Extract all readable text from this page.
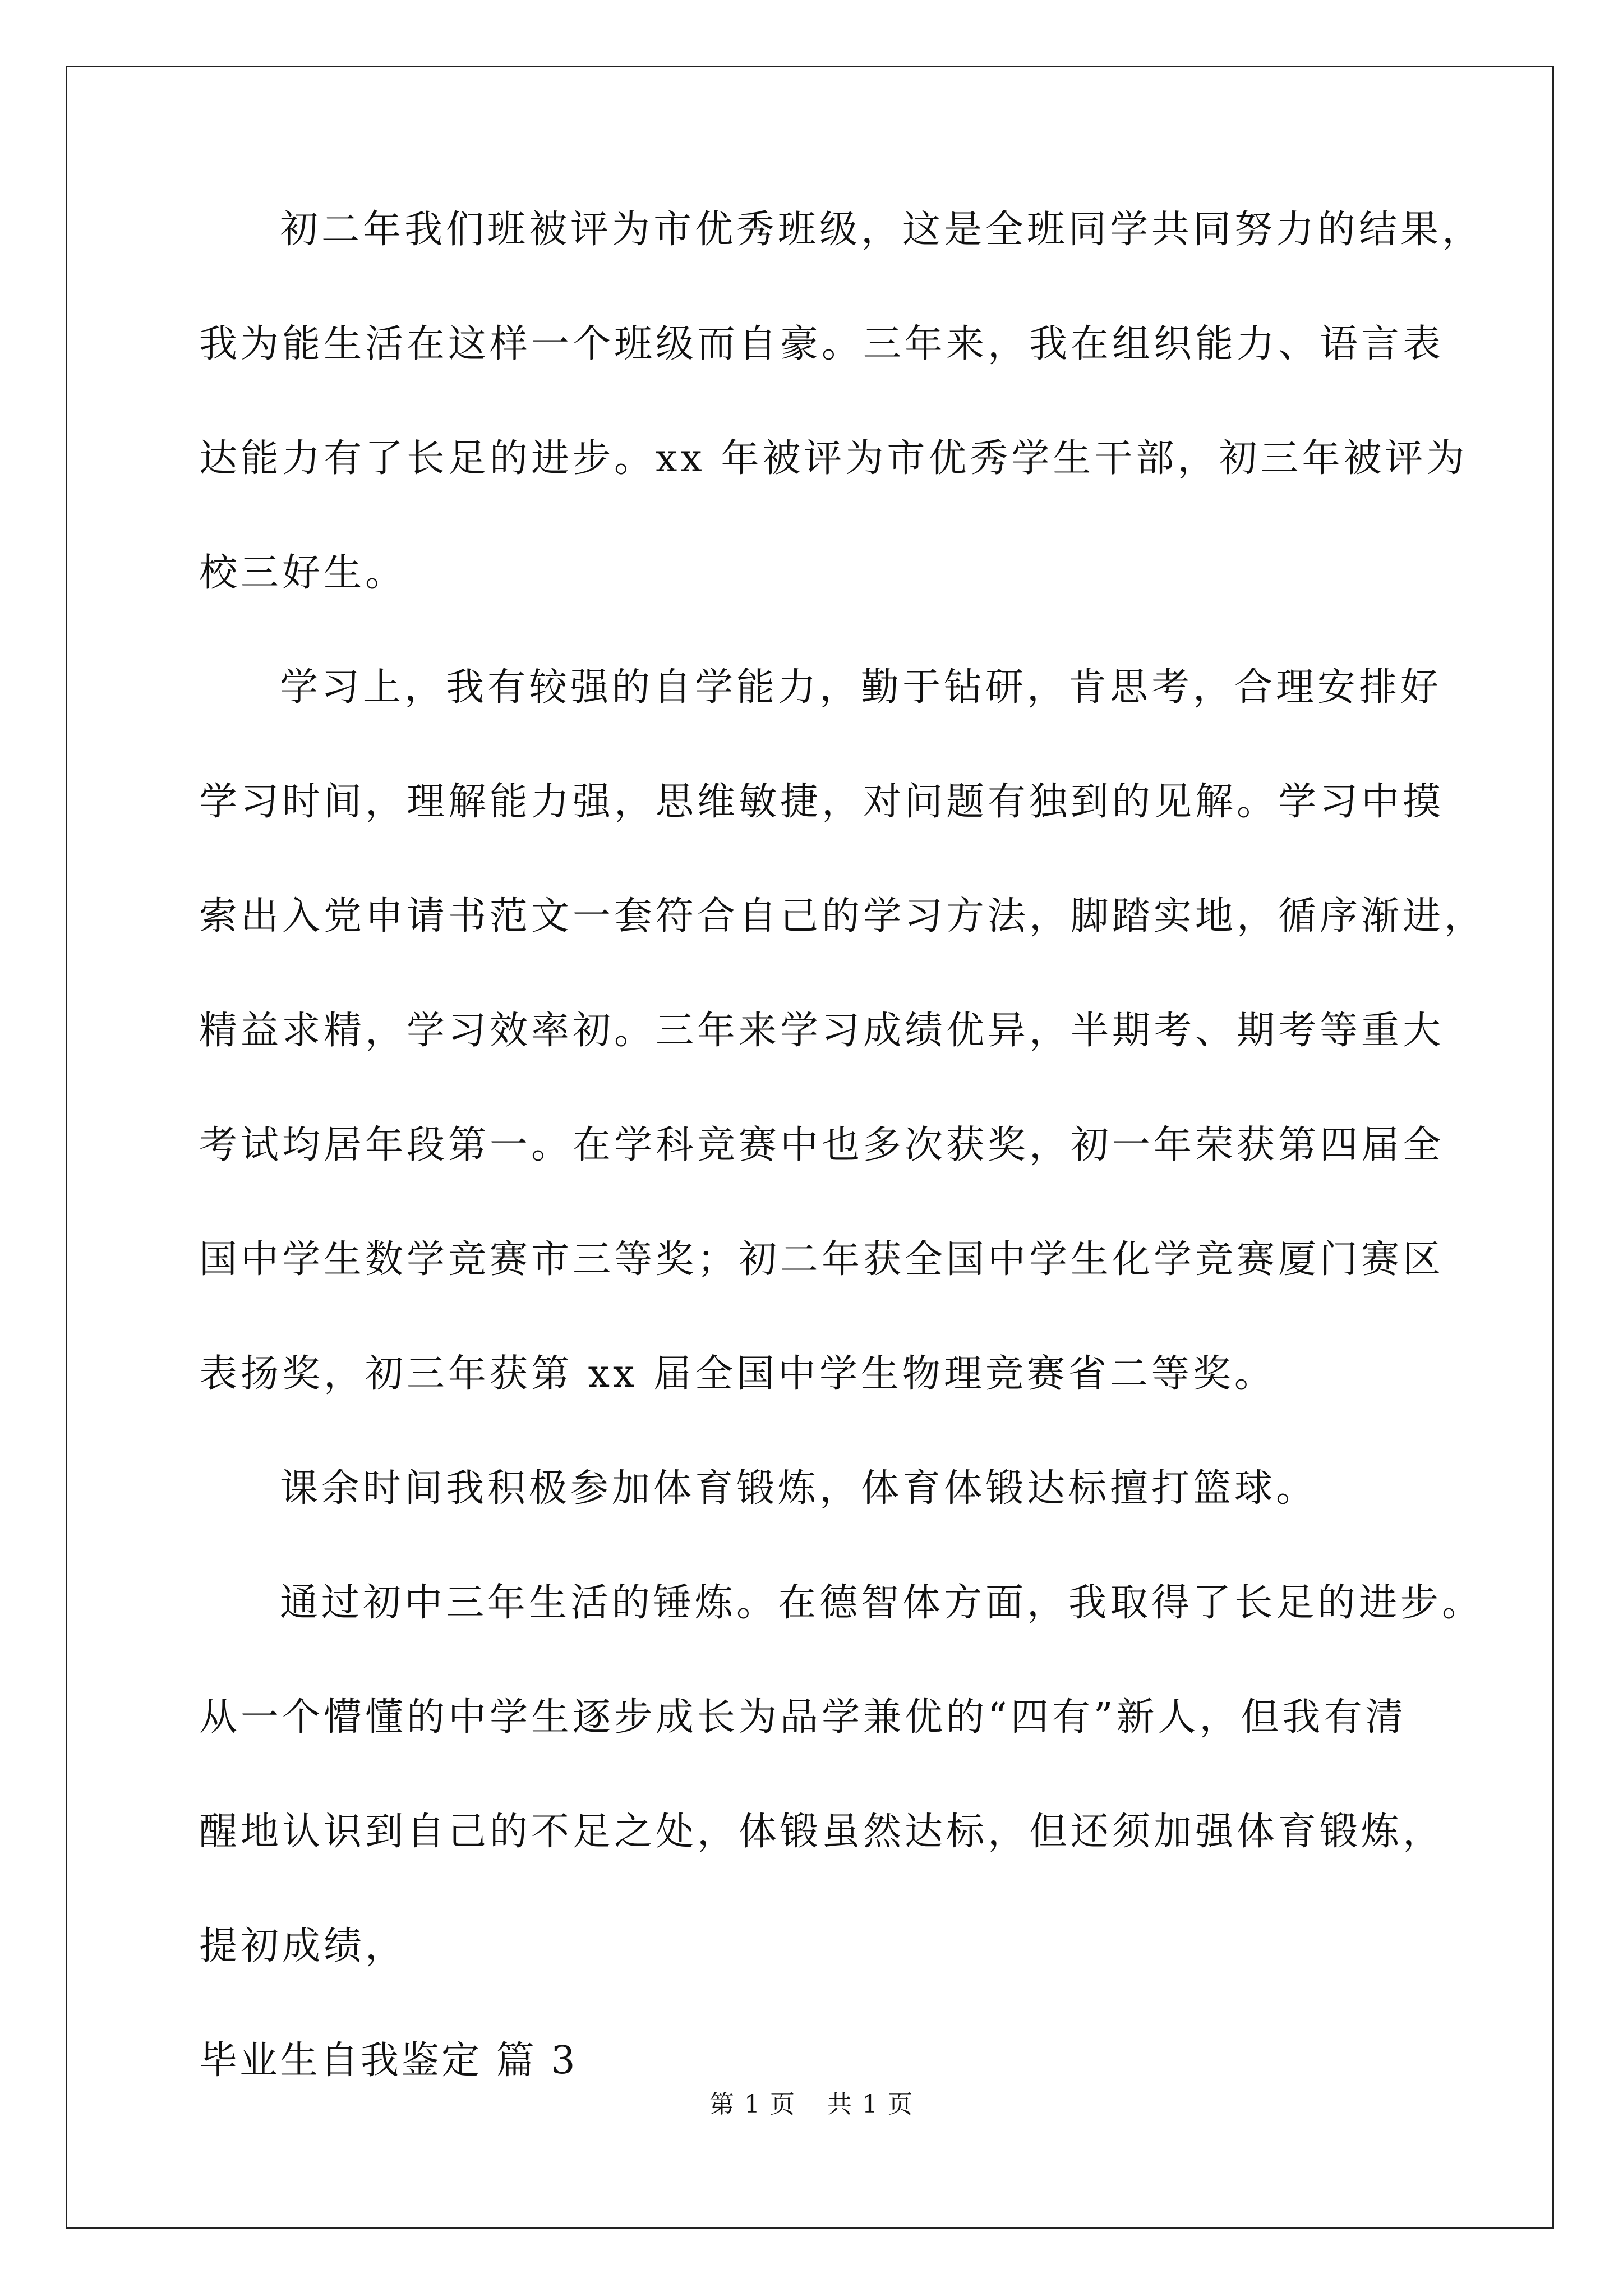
初二年我们班被评为市优秀班级，这是全班同学共同努力的结果，
我为能生活在这样一个班级而自豪。三年来，我在组织能力、语言表
达能力有了长足的进步。xx 年被评为市优秀学生干部，初三年被评为
校三好生。
学习上，我有较强的自学能力，勤于钻研，肯思考，合理安排好
学习时间，理解能力强，思维敏捷，对问题有独到的见解。学习中摸
索出入党申请书范文一套符合自己的学习方法，脚踏实地，循序渐进，
精益求精，学习效率初。三年来学习成绩优异，半期考、期考等重大
考试均居年段第一。在学科竞赛中也多次获奖，初一年荣获第四届全
国中学生数学竞赛市三等奖；初二年获全国中学生化学竞赛厦门赛区
表扬奖，初三年获第 xx 届全国中学生物理竞赛省二等奖。
课余时间我积极参加体育锻炼，体育体锻达标擅打篮球。
通过初中三年生活的锤炼。在德智体方面，我取得了长足的进步。
从一个懵懂的中学生逐步成长为品学兼优的“四有”新人，但我有清
醒地认识到自己的不足之处，体锻虽然达标，但还须加强体育锻炼，
提初成绩，
毕业生自我鉴定 篇 3
第 1 页 共 1 页
